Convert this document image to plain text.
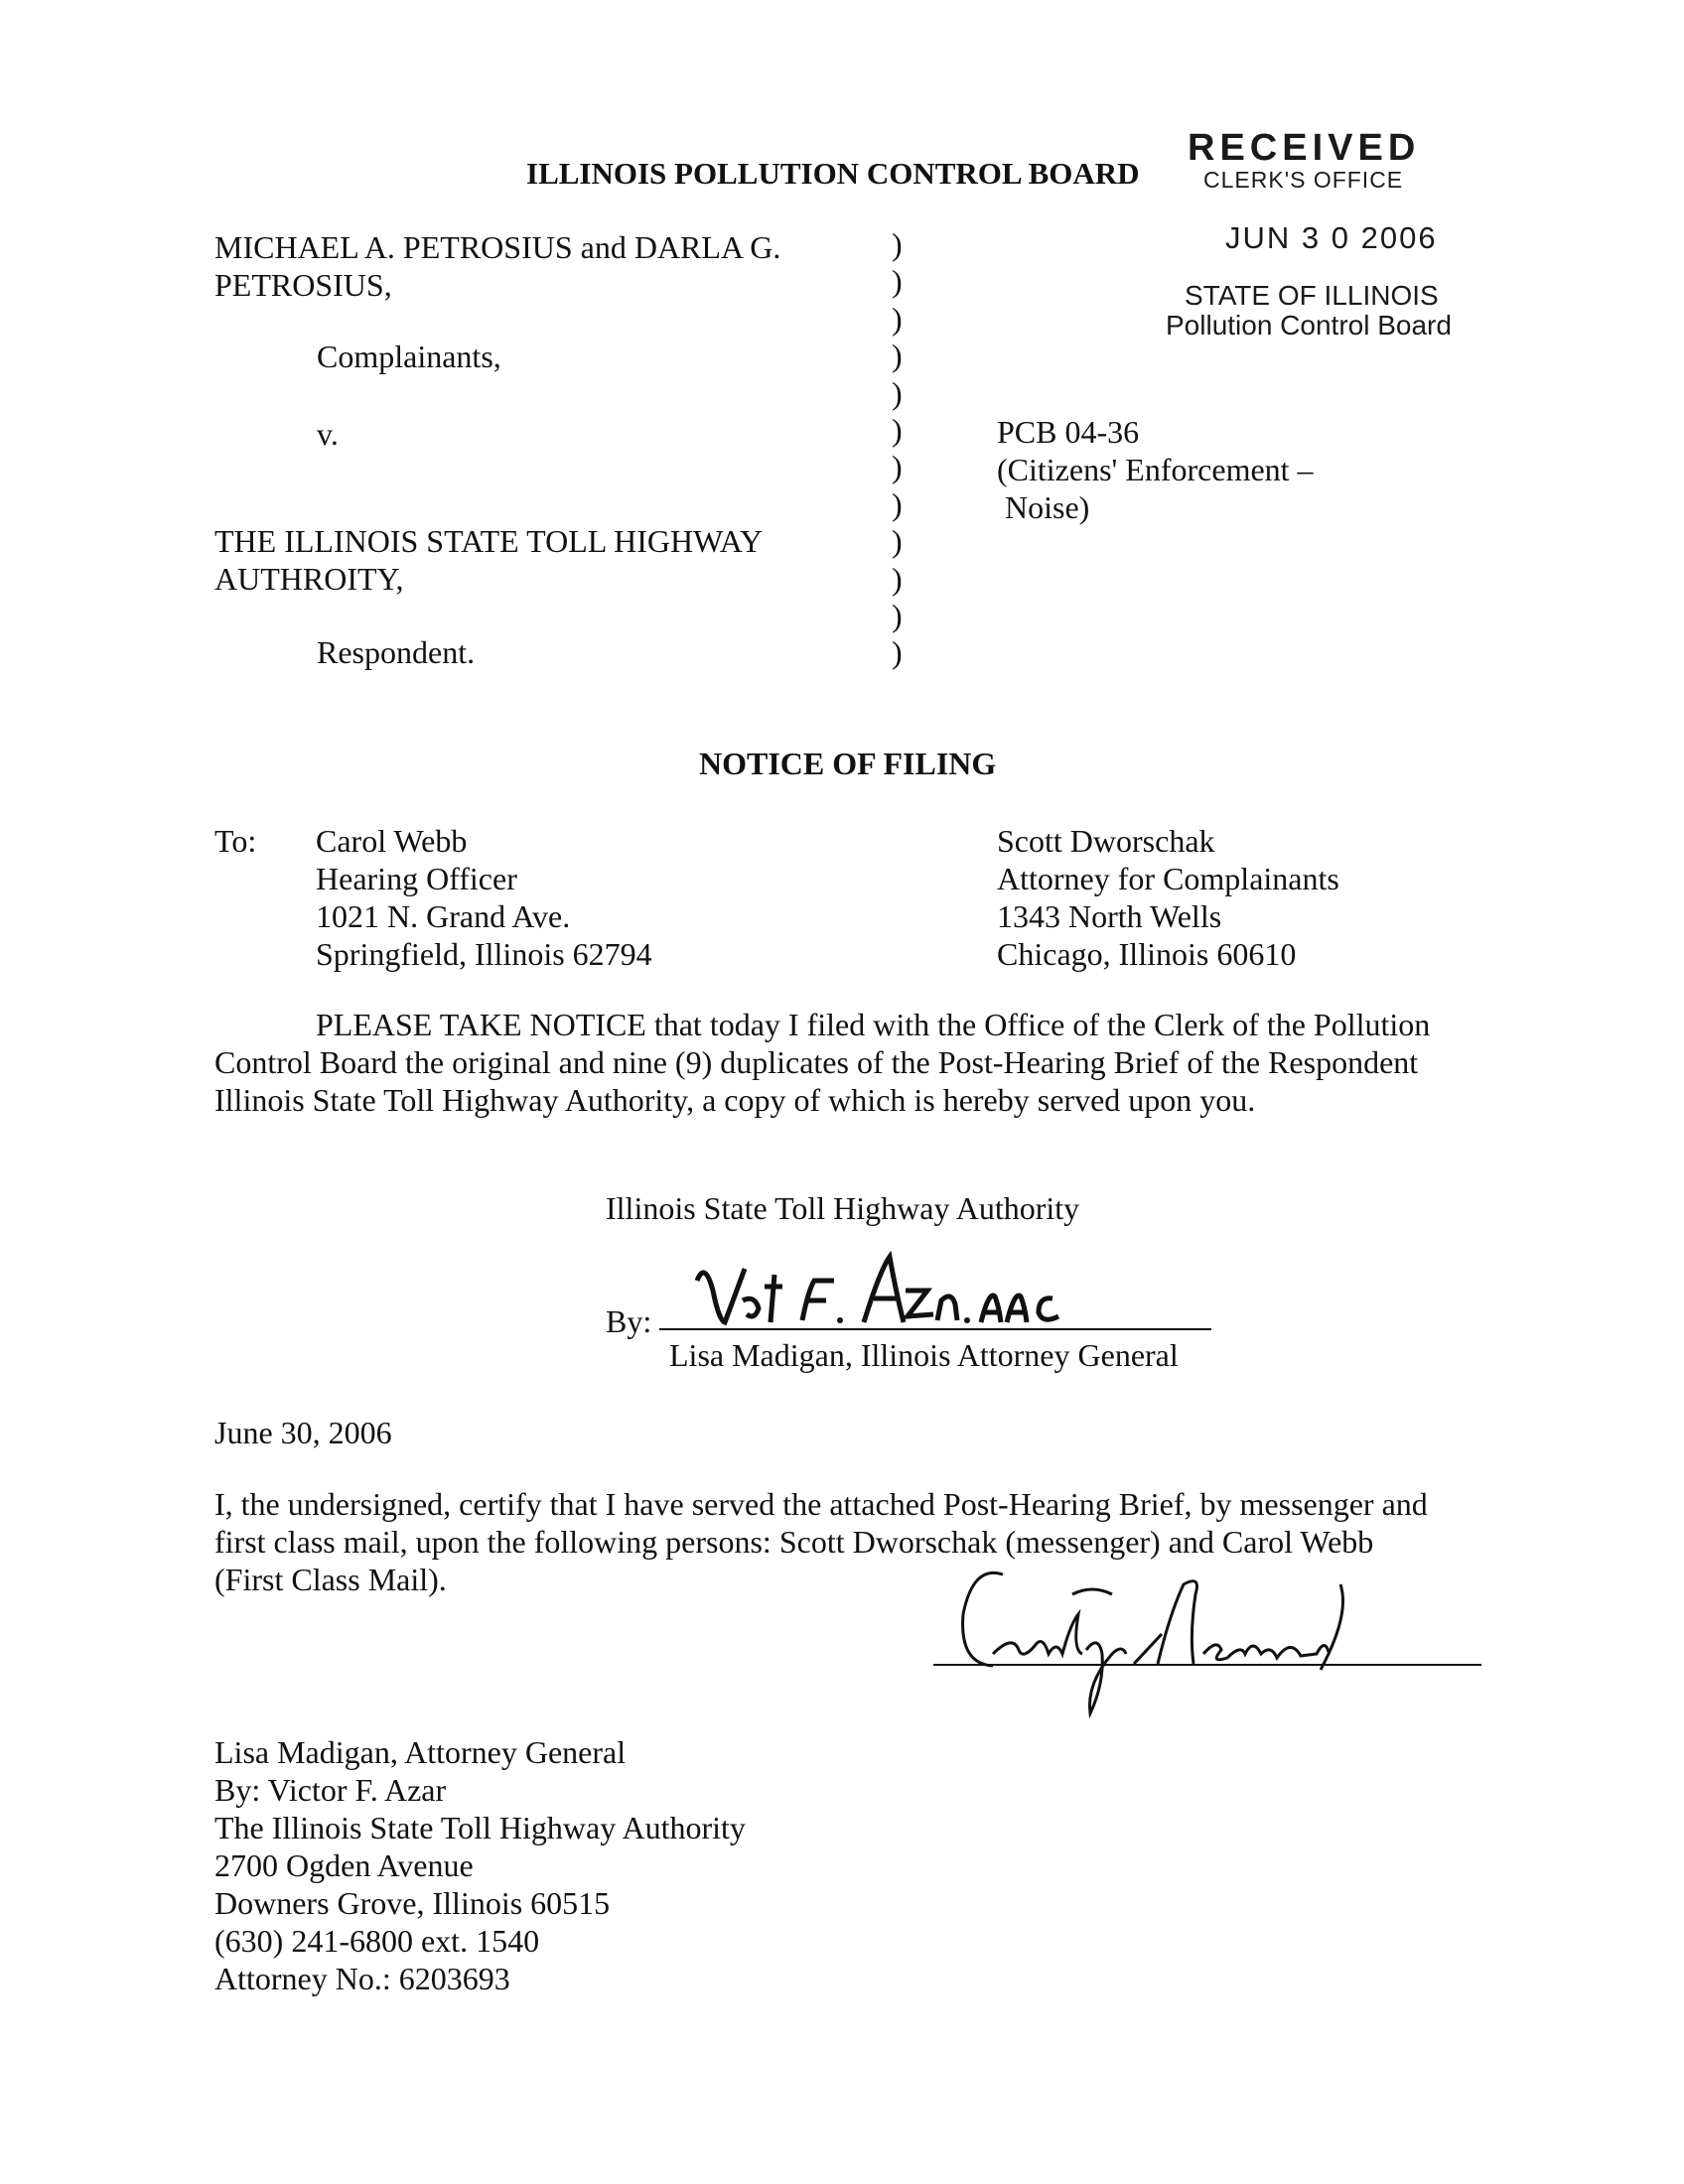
ILLINOIS POLLUTION CONTROL BOARD
RECEIVED
CLERK'S OFFICE
JUN 3 0 2006
STATE OF ILLINOIS
Pollution Control Board
MICHAEL A. PETROSIUS and DARLA G.
PETROSIUS,
Complainants,
v.
THE ILLINOIS STATE TOLL HIGHWAY
AUTHROITY,
Respondent.
)
)
)
)
)
)
)
)
)
)
)
)
PCB 04-36
(Citizens' Enforcement –
Noise)
NOTICE OF FILING
To: Carol Webb
Hearing Officer
1021 N. Grand Ave.
Springfield, Illinois 62794
Scott Dworschak
Attorney for Complainants
1343 North Wells
Chicago, Illinois 60610
PLEASE TAKE NOTICE that today I filed with the Office of the Clerk of the Pollution
Control Board the original and nine (9) duplicates of the Post-Hearing Brief of the Respondent
Illinois State Toll Highway Authority, a copy of which is hereby served upon you.
Illinois State Toll Highway Authority
By:
Lisa Madigan, Illinois Attorney General
June 30, 2006
I, the undersigned, certify that I have served the attached Post-Hearing Brief, by messenger and
first class mail, upon the following persons: Scott Dworschak (messenger) and Carol Webb
(First Class Mail).
Lisa Madigan, Attorney General
By: Victor F. Azar
The Illinois State Toll Highway Authority
2700 Ogden Avenue
Downers Grove, Illinois 60515
(630) 241-6800 ext. 1540
Attorney No.: 6203693
